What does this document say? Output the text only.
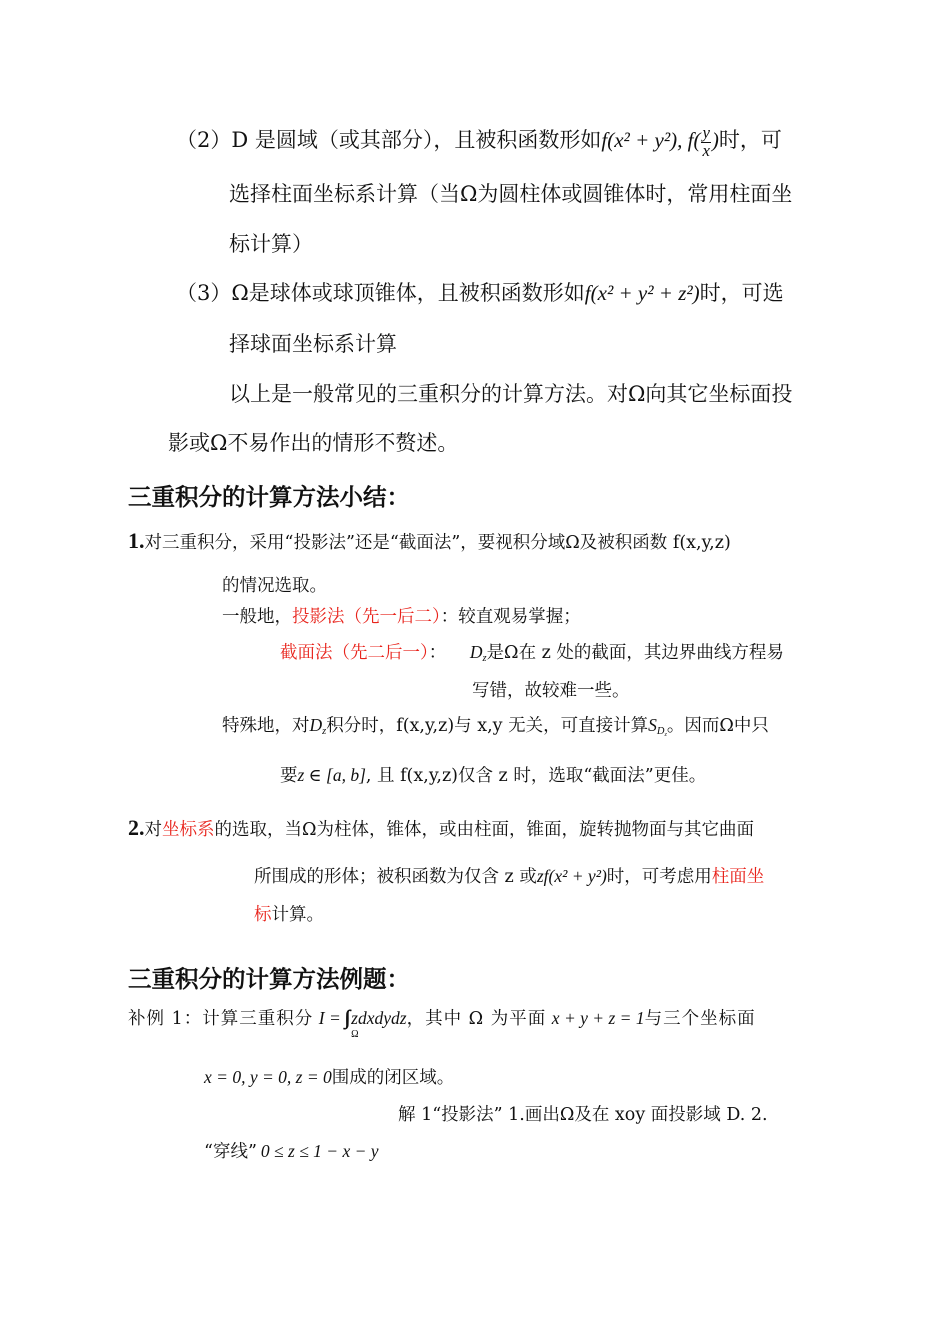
（2）D 是圆域（或其部分），且被积函数形如f(x² + y²), $f( \frac{y}{x}$ )时，可
选择柱面坐标系计算（当Ω为圆柱体或圆锥体时，常用柱面坐
标计算）
（3）Ω是球体或球顶锥体，且被积函数形如f(x² + y² + z²)时，可选
择球面坐标系计算
以上是一般常见的三重积分的计算方法。对Ω向其它坐标面投
影或Ω不易作出的情形不赘述。
三重积分的计算方法小结：
1.对三重积分，采用“投影法”还是“截面法”，要视积分域Ω及被积函数 f(x,y,z)
的情况选取。
一般地，投影法（先一后二）：较直观易掌握；
截面法（先二后一）： $D_z$是Ω在 z 处的截面，其边界曲线方程易
写错，故较难一些。
特殊地，对$D_z$积分时，f(x,y,z)与 x,y 无关，可直接计算$S_{D_z}$。因而Ω中只
要z ∈ [a, b], 且 f(x,y,z)仅含 z 时，选取“截面法”更佳。
2.对坐标系的选取，当Ω为柱体，锥体，或由柱面，锥面，旋转抛物面与其它曲面
所围成的形体；被积函数为仅含 z 或zf(x² + y²)时，可考虑用柱面坐
标计算。
三重积分的计算方法例题：
补例 1：计算三重积分 I =
Ω
zdxdydz，其中 Ω 为平面 x + y + z = 1与三个坐标面
x = 0, y = 0, z = 0围成的闭区域。
解 1“投影法” 1.画出Ω及在 xoy 面投影域 D. 2.
“穿线” 0 ≤ z ≤ 1 − x − y
